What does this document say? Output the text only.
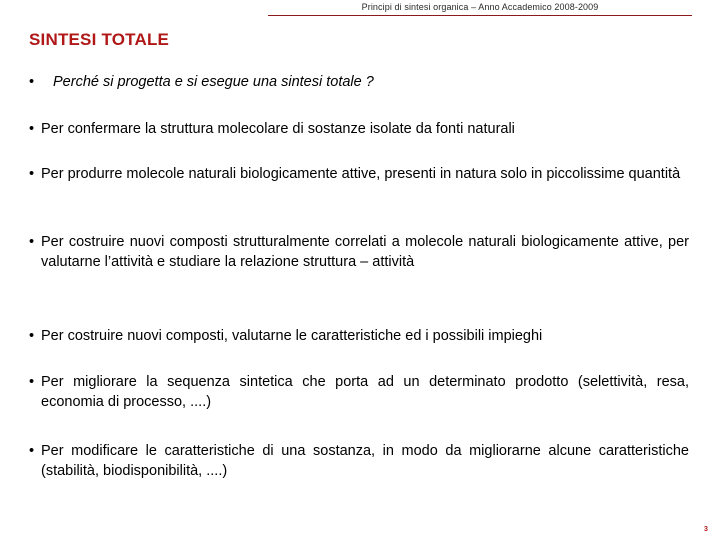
Principi di sintesi organica – Anno Accademico 2008-2009
SINTESI TOTALE
• Perché si progetta e si esegue una sintesi totale ?
• Per confermare la struttura molecolare di sostanze isolate da fonti naturali
• Per produrre molecole naturali biologicamente attive, presenti in natura solo in piccolissime quantità
• Per costruire nuovi composti strutturalmente correlati a molecole naturali biologicamente attive, per valutarne l’attività e studiare la relazione struttura – attività
• Per costruire nuovi composti, valutarne le caratteristiche ed i possibili impieghi
• Per migliorare la sequenza sintetica che porta ad un determinato prodotto (selettività, resa, economia di processo, ....)
• Per modificare le caratteristiche di una sostanza, in modo da migliorarne alcune caratteristiche (stabilità, biodisponibilità, ....)
3
